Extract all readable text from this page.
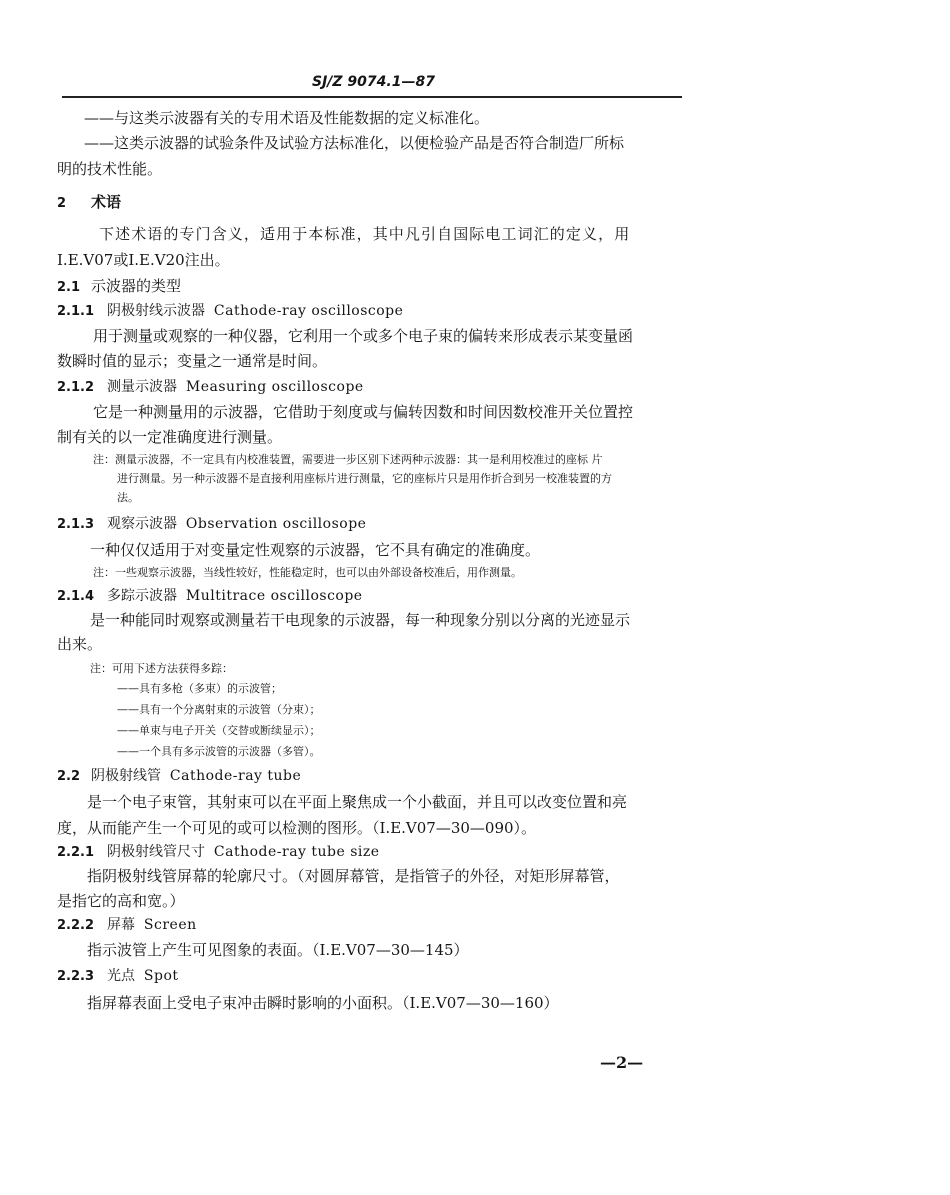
SJ/Z 9074.1—87
——与这类示波器有关的专用术语及性能数据的定义标准化。
——这类示波器的试验条件及试验方法标准化，以便检验产品是否符合制造厂所标
明的技术性能。
2 术语
下述术语的专门含义，适用于本标准，其中凡引自国际电工词汇的定义，用
I.E.V07或I.E.V20注出。
2.1 示波器的类型
2.1.1 阴极射线示波器 Cathode-ray oscilloscope
用于测量或观察的一种仪器，它利用一个或多个电子束的偏转来形成表示某变量函
数瞬时值的显示；变量之一通常是时间。
2.1.2 测量示波器 Measuring oscilloscope
它是一种测量用的示波器，它借助于刻度或与偏转因数和时间因数校准开关位置控
制有关的以一定准确度进行测量。
注：测量示波器，不一定具有内校准装置，需要进一步区别下述两种示波器：其一是利用校准过的座标 片
进行测量。另一种示波器不是直接利用座标片进行测量，它的座标片只是用作折合到另一校准装置的方
法。
2.1.3 观察示波器 Observation oscillosope
一种仅仅适用于对变量定性观察的示波器，它不具有确定的准确度。
注：一些观察示波器，当线性较好，性能稳定时，也可以由外部设备校准后，用作测量。
2.1.4 多踪示波器 Multitrace oscilloscope
是一种能同时观察或测量若干电现象的示波器，每一种现象分别以分离的光迹显示
出来。
注：可用下述方法获得多踪：
——具有多枪（多束）的示波管；
——具有一个分离射束的示波管（分束）；
——单束与电子开关（交替或断续显示）；
——一个具有多示波管的示波器（多管）。
2.2 阴极射线管 Cathode-ray tube
是一个电子束管，其射束可以在平面上聚焦成一个小截面，并且可以改变位置和亮
度，从而能产生一个可见的或可以检测的图形。（I.E.V07—30—090）。
2.2.1 阴极射线管尺寸 Cathode-ray tube size
指阴极射线管屏幕的轮廓尺寸。（对圆屏幕管，是指管子的外径，对矩形屏幕管，
是指它的高和宽。）
2.2.2 屏幕 Screen
指示波管上产生可见图象的表面。（I.E.V07—30—145）
2.2.3 光点 Spot
指屏幕表面上受电子束冲击瞬时影响的小面积。（I.E.V07—30—160）
—2—
